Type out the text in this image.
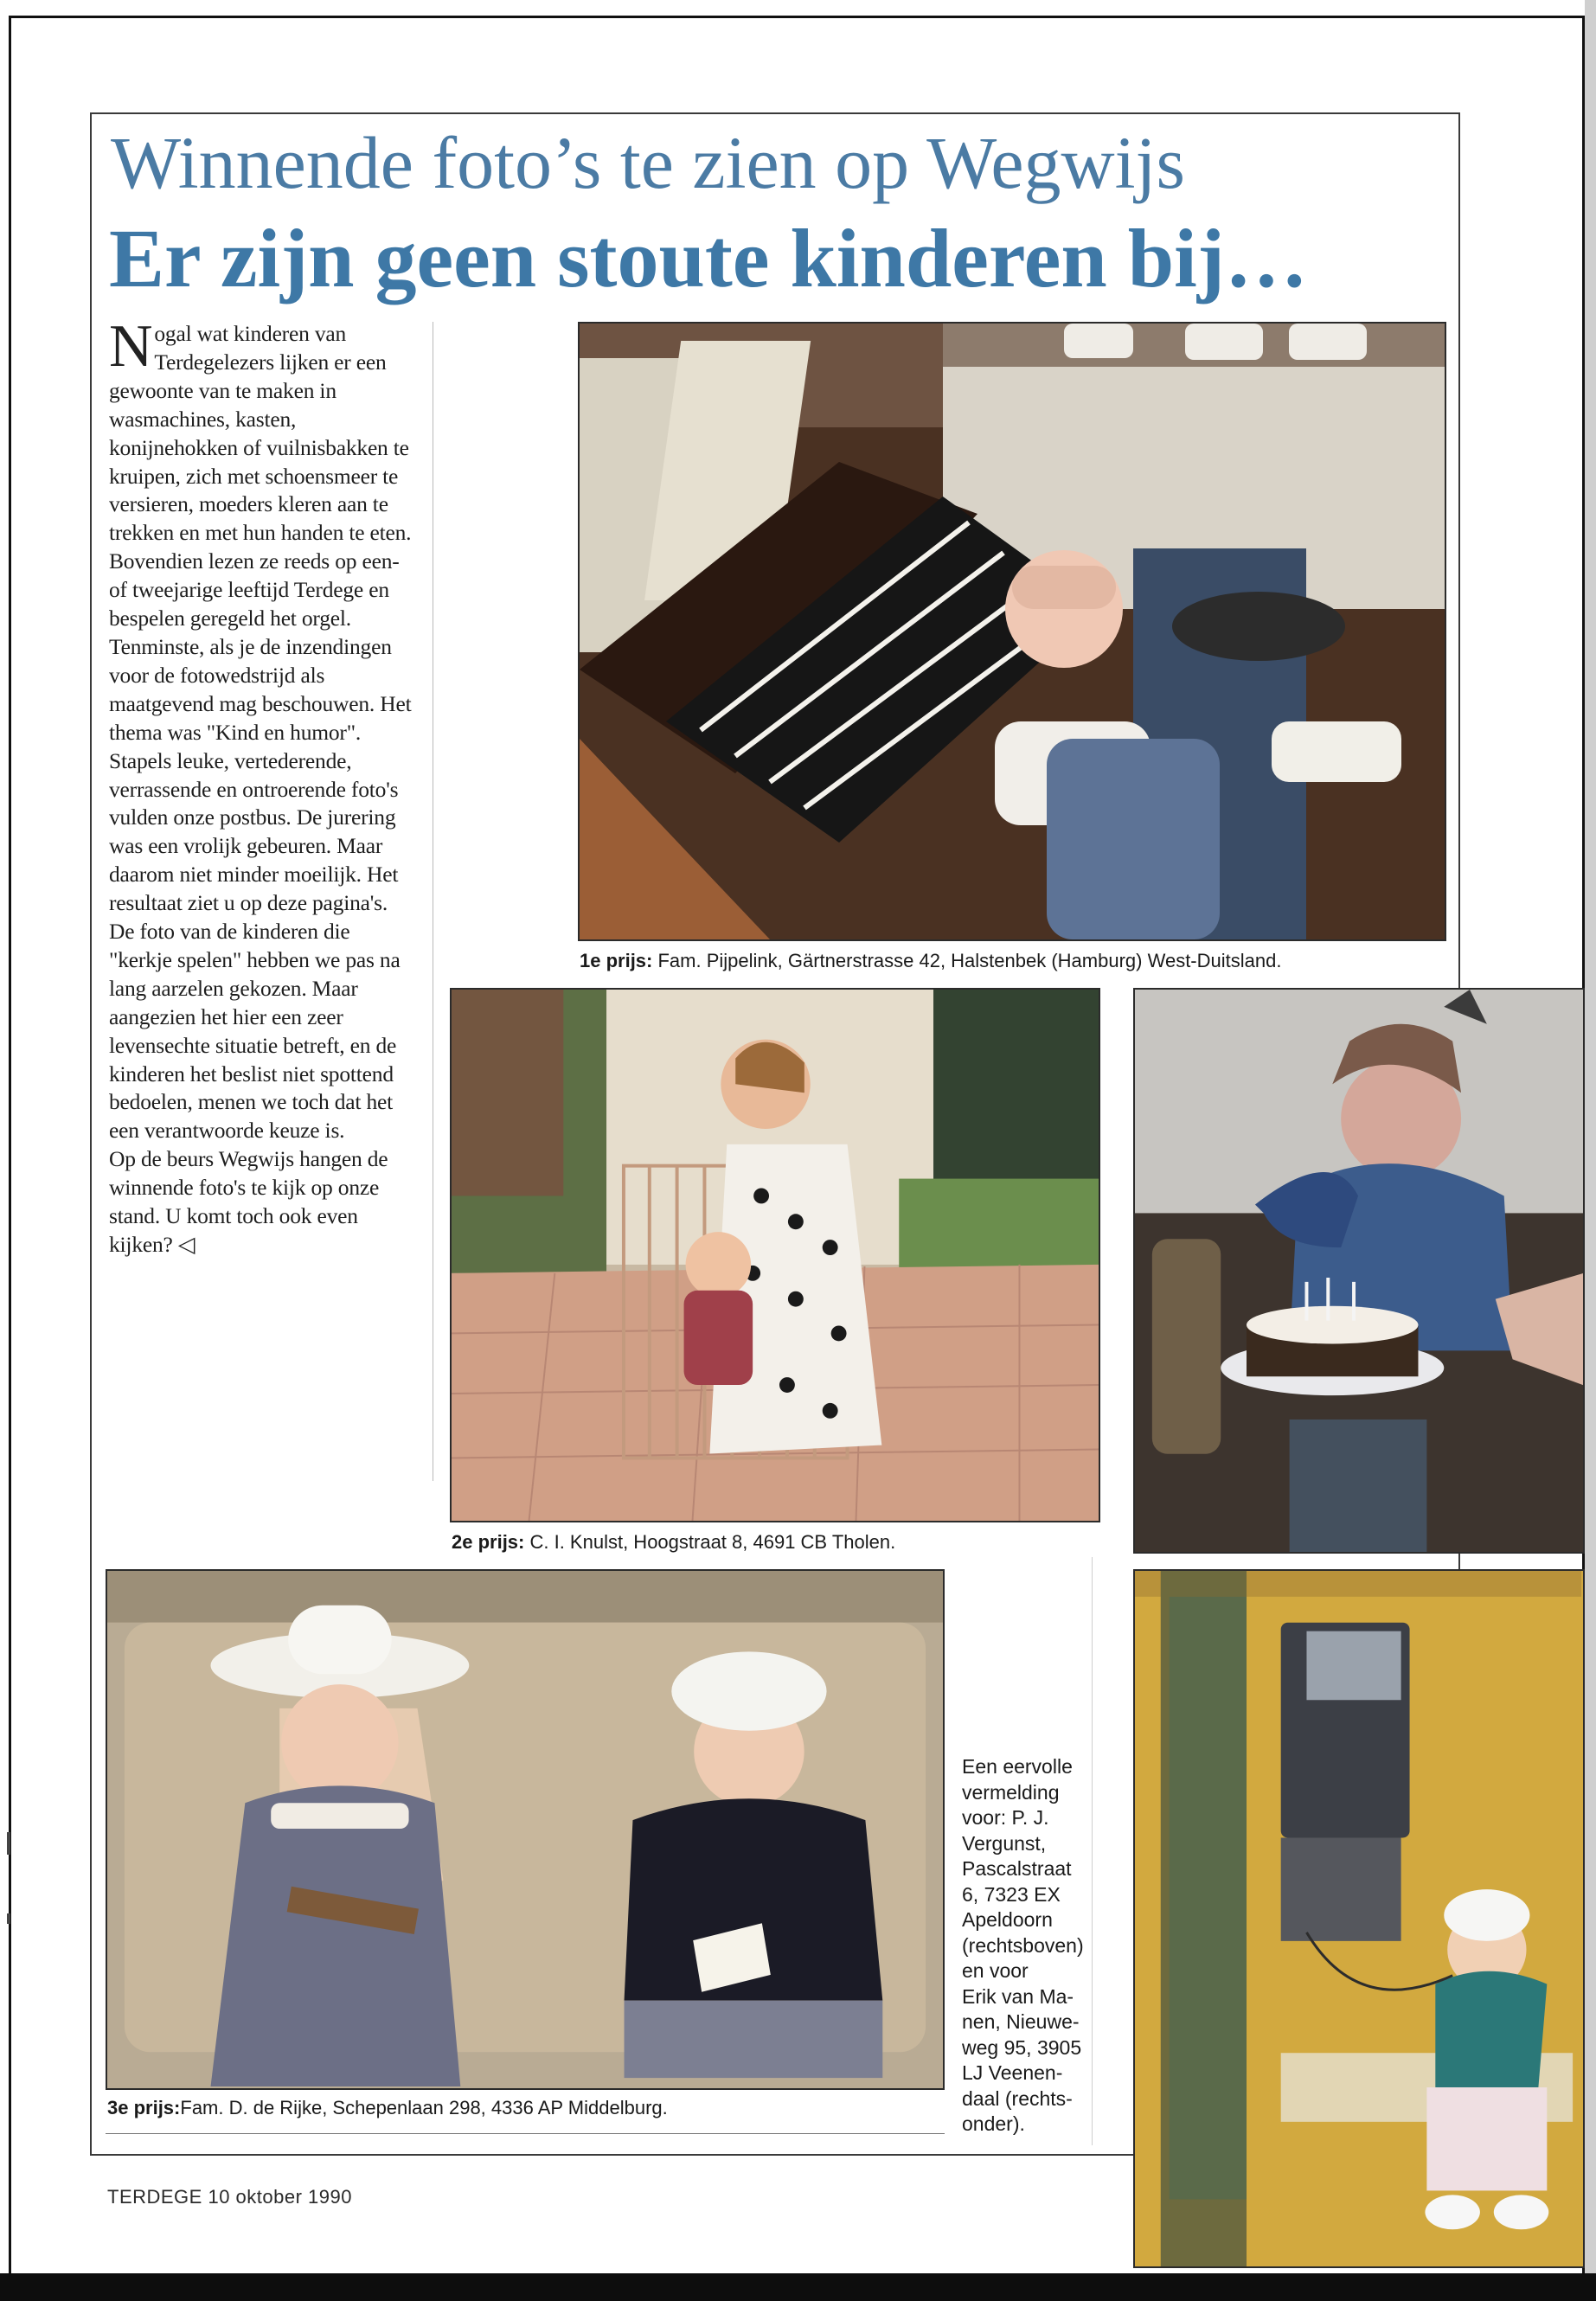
Winnende foto’s te zien op Wegwijs
Er zijn geen stoute kinderen bij…

Nogal wat kinderen van Terdegelezers lijken er een gewoonte van te maken in wasmachines, kasten, konijnehokken of vuilnisbakken te kruipen, zich met schoensmeer te versieren, moeders kleren aan te trekken en met hun handen te eten. Bovendien lezen ze reeds op een- of tweejarige leeftijd Terdege en bespelen geregeld het orgel. Tenminste, als je de inzendingen voor de fotowedstrijd als maatgevend mag beschouwen. Het thema was "Kind en humor". Stapels leuke, vertederende, verrassende en ontroerende foto's vulden onze postbus. De jurering was een vrolijk gebeuren. Maar daarom niet minder moeilijk. Het resultaat ziet u op deze pagina's. De foto van de kinderen die "kerkje spelen" hebben we pas na lang aarzelen gekozen. Maar aangezien het hier een zeer levensechte situatie betreft, en de kinderen het beslist niet spottend bedoelen, menen we toch dat het een verantwoorde keuze is.

Op de beurs Wegwijs hangen de winnende foto's te kijk op onze stand. U komt toch ook even kijken? ◁

1e prijs: Fam. Pijpelink, Gärtnerstrasse 42, Halstenbek (Hamburg) West-Duitsland.
2e prijs: C. I. Knulst, Hoogstraat 8, 4691 CB Tholen.
3e prijs:Fam. D. de Rijke, Schepenlaan 298, 4336 AP Middelburg.
Een eervolle
vermelding
voor: P. J.
Vergunst,
Pascalstraat
6, 7323 EX
Apeldoorn
(rechtsboven)
en voor
Erik van Ma-
nen, Nieuwe-
weg 95, 3905
LJ Veenen-
daal (rechts-
onder).
TERDEGE 10 oktober 1990
